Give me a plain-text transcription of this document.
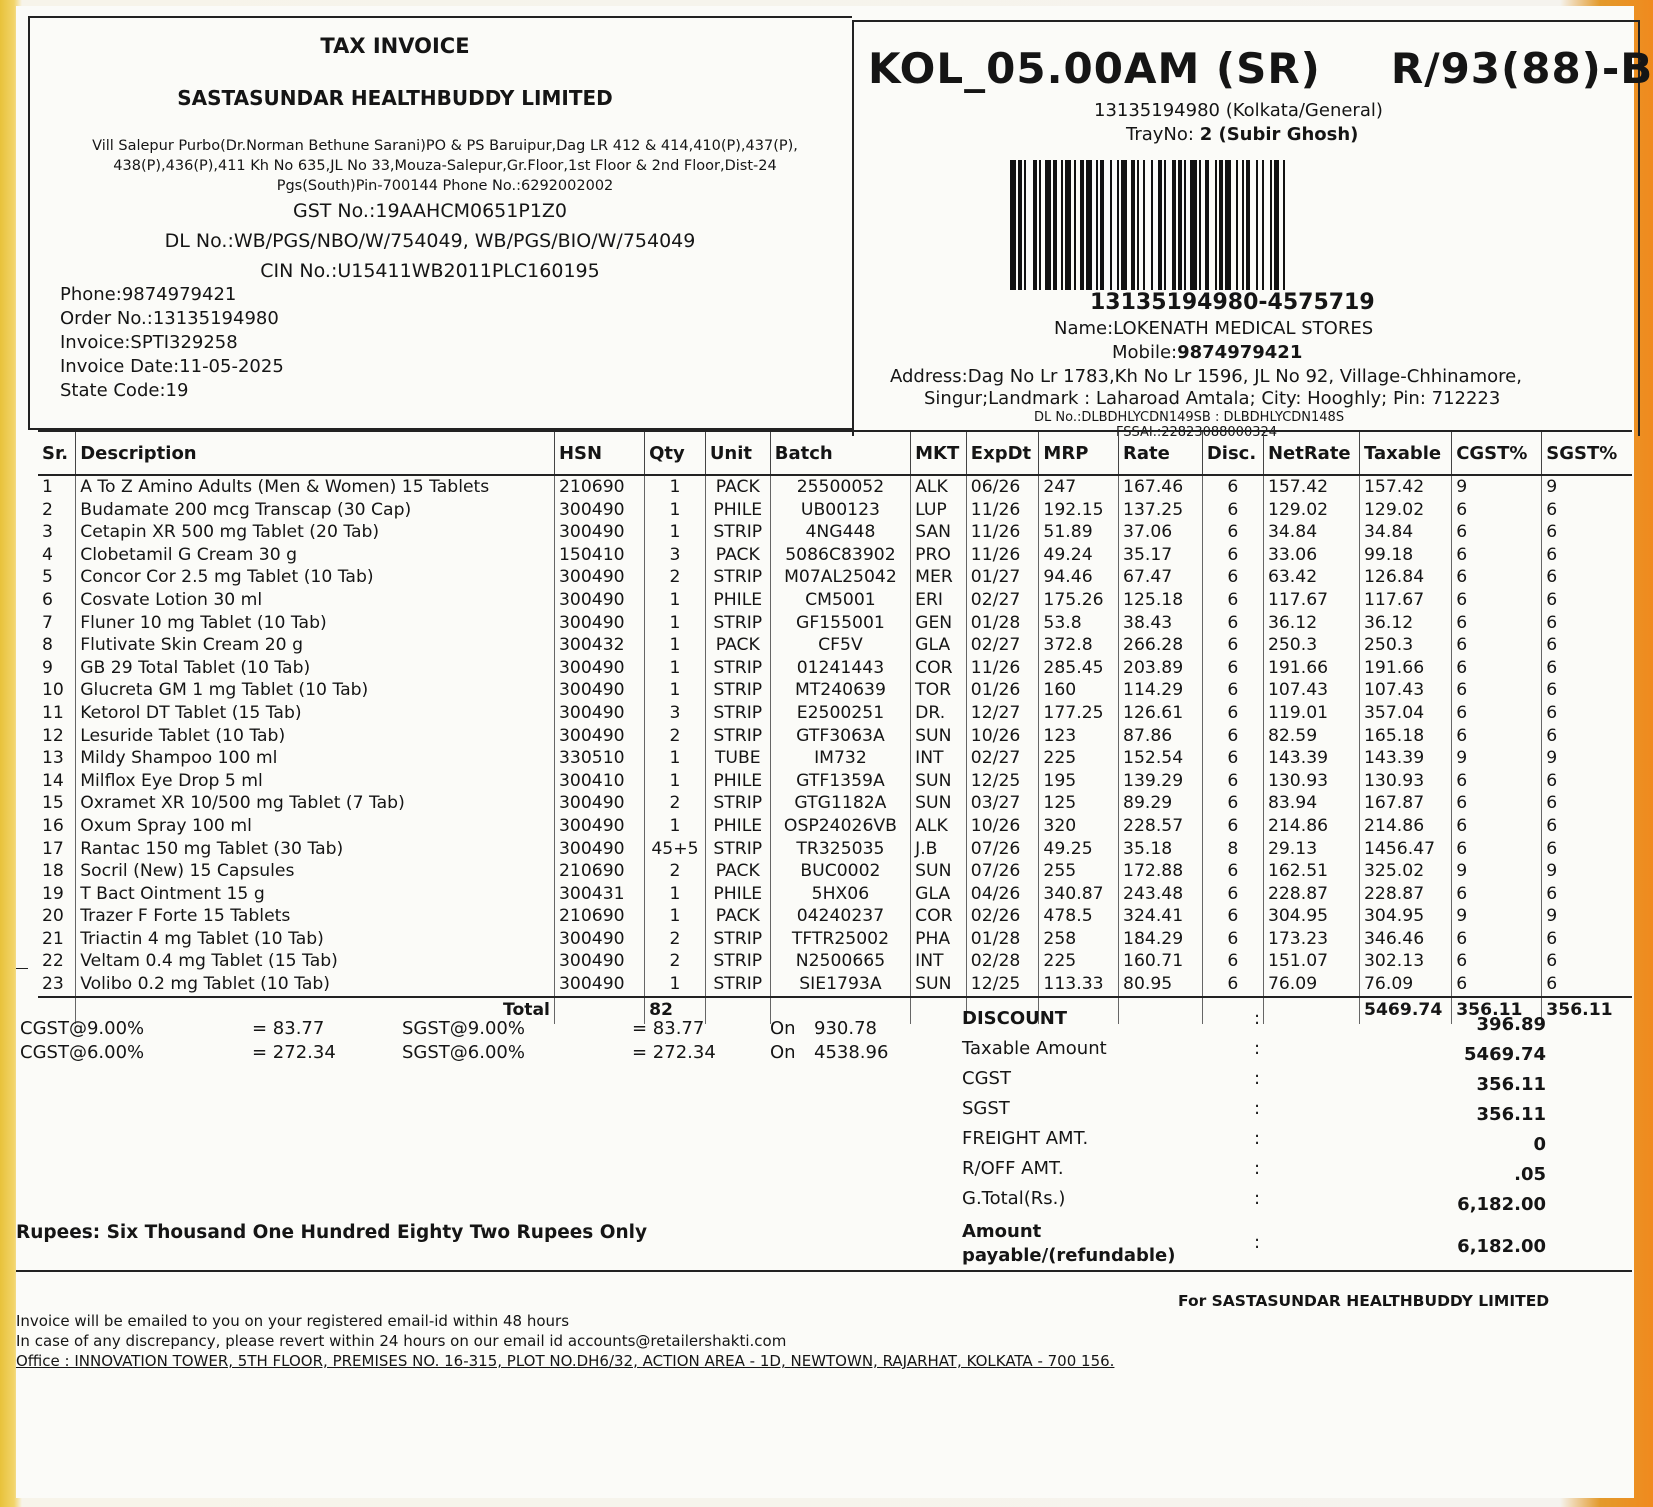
TAX INVOICE
SASTASUNDAR HEALTHBUDDY LIMITED
Vill Salepur Purbo(Dr.Norman Bethune Sarani)PO & PS Baruipur,Dag LR 412 & 414,410(P),437(P),
438(P),436(P),411 Kh No 635,JL No 33,Mouza-Salepur,Gr.Floor,1st Floor & 2nd Floor,Dist-24
Pgs(South)Pin-700144 Phone No.:6292002002
GST No.:19AAHCM0651P1Z0
DL No.:WB/PGS/NBO/W/754049, WB/PGS/BIO/W/754049
CIN No.:U15411WB2011PLC160195
Phone:9874979421
Order No.:13135194980
Invoice:SPTI329258
Invoice Date:11-05-2025
State Code:19
KOL_05.00AM (SR) R/93(88)-B
13135194980 (Kolkata/General)
TrayNo: 2 (Subir Ghosh)
13135194980-4575719
Name:LOKENATH MEDICAL STORES
Mobile:9874979421
Address:Dag No Lr 1783,Kh No Lr 1596, JL No 92, Village-Chhinamore,
Singur;Landmark : Laharoad Amtala; City: Hooghly; Pin: 712223
DL No.:DLBDHLYCDN149SB : DLBDHLYCDN148S
FSSAI.:22823088000324
Sr.	Description	HSN	Qty	Unit	Batch	MKT	ExpDt	MRP	Rate	Disc.	NetRate	Taxable	CGST%	SGST%
1	A To Z Amino Adults (Men & Women) 15 Tablets	210690	1	PACK	25500052	ALK	06/26	247	167.46	6	157.42	157.42	9	9
2	Budamate 200 mcg Transcap (30 Cap)	300490	1	PHILE	UB00123	LUP	11/26	192.15	137.25	6	129.02	129.02	6	6
3	Cetapin XR 500 mg Tablet (20 Tab)	300490	1	STRIP	4NG448	SAN	11/26	51.89	37.06	6	34.84	34.84	6	6
4	Clobetamil G Cream 30 g	150410	3	PACK	5086C83902	PRO	11/26	49.24	35.17	6	33.06	99.18	6	6
5	Concor Cor 2.5 mg Tablet (10 Tab)	300490	2	STRIP	M07AL25042	MER	01/27	94.46	67.47	6	63.42	126.84	6	6
6	Cosvate Lotion 30 ml	300490	1	PHILE	CM5001	ERI	02/27	175.26	125.18	6	117.67	117.67	6	6
7	Fluner 10 mg Tablet (10 Tab)	300490	1	STRIP	GF155001	GEN	01/28	53.8	38.43	6	36.12	36.12	6	6
8	Flutivate Skin Cream 20 g	300432	1	PACK	CF5V	GLA	02/27	372.8	266.28	6	250.3	250.3	6	6
9	GB 29 Total Tablet (10 Tab)	300490	1	STRIP	01241443	COR	11/26	285.45	203.89	6	191.66	191.66	6	6
10	Glucreta GM 1 mg Tablet (10 Tab)	300490	1	STRIP	MT240639	TOR	01/26	160	114.29	6	107.43	107.43	6	6
11	Ketorol DT Tablet (15 Tab)	300490	3	STRIP	E2500251	DR.	12/27	177.25	126.61	6	119.01	357.04	6	6
12	Lesuride Tablet (10 Tab)	300490	2	STRIP	GTF3063A	SUN	10/26	123	87.86	6	82.59	165.18	6	6
13	Mildy Shampoo 100 ml	330510	1	TUBE	IM732	INT	02/27	225	152.54	6	143.39	143.39	9	9
14	Milflox Eye Drop 5 ml	300410	1	PHILE	GTF1359A	SUN	12/25	195	139.29	6	130.93	130.93	6	6
15	Oxramet XR 10/500 mg Tablet (7 Tab)	300490	2	STRIP	GTG1182A	SUN	03/27	125	89.29	6	83.94	167.87	6	6
16	Oxum Spray 100 ml	300490	1	PHILE	OSP24026VB	ALK	10/26	320	228.57	6	214.86	214.86	6	6
17	Rantac 150 mg Tablet (30 Tab)	300490	45+5	STRIP	TR325035	J.B	07/26	49.25	35.18	8	29.13	1456.47	6	6
18	Socril (New) 15 Capsules	210690	2	PACK	BUC0002	SUN	07/26	255	172.88	6	162.51	325.02	9	9
19	T Bact Ointment 15 g	300431	1	PHILE	5HX06	GLA	04/26	340.87	243.48	6	228.87	228.87	6	6
20	Trazer F Forte 15 Tablets	210690	1	PACK	04240237	COR	02/26	478.5	324.41	6	304.95	304.95	9	9
21	Triactin 4 mg Tablet (10 Tab)	300490	2	STRIP	TFTR25002	PHA	01/28	258	184.29	6	173.23	346.46	6	6
22	Veltam 0.4 mg Tablet (15 Tab)	300490	2	STRIP	N2500665	INT	02/28	225	160.71	6	151.07	302.13	6	6
23	Volibo 0.2 mg Tablet (10 Tab)	300490	1	STRIP	SIE1793A	SUN	12/25	113.33	80.95	6	76.09	76.09	6	6
	Total		82									5469.74	356.11	356.11
CGST@9.00%	= 83.77	SGST@9.00%	= 83.77	On 930.78
CGST@6.00%	= 272.34	SGST@6.00%	= 272.34	On 4538.96
DISCOUNT	:	396.89
Taxable Amount	:	5469.74
CGST	:	356.11
SGST	:	356.11
FREIGHT AMT.	:	0
R/OFF AMT.	:	.05
G.Total(Rs.)	:	6,182.00
Amount
payable/(refundable)
:	6,182.00
Rupees: Six Thousand One Hundred Eighty Two Rupees Only
For SASTASUNDAR HEALTHBUDDY LIMITED
Invoice will be emailed to you on your registered email-id within 48 hours
In case of any discrepancy, please revert within 24 hours on our email id accounts@retailershakti.com
Office : INNOVATION TOWER, 5TH FLOOR, PREMISES NO. 16-315, PLOT NO.DH6/32, ACTION AREA - 1D, NEWTOWN, RAJARHAT, KOLKATA - 700 156.
